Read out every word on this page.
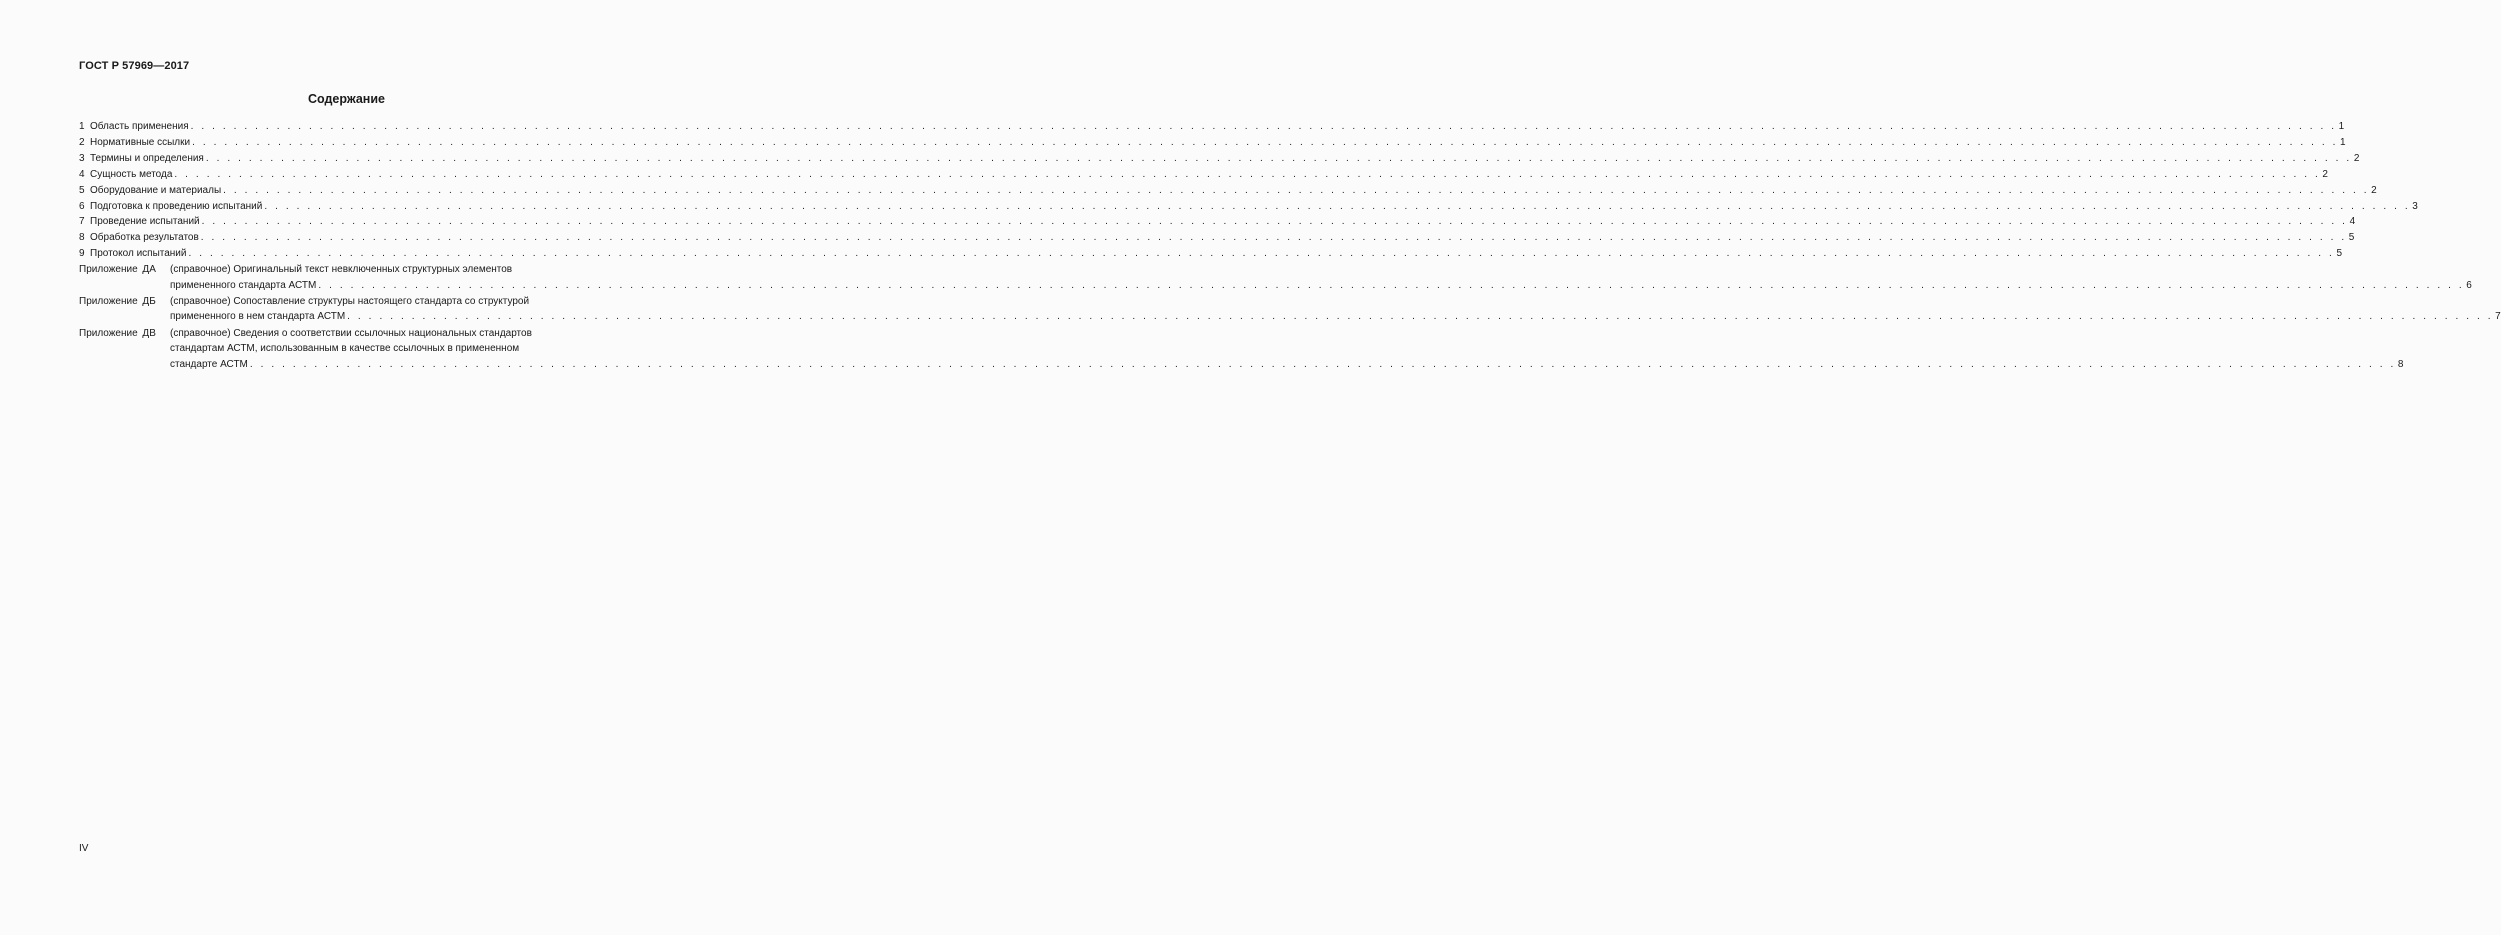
ГОСТ Р 57969—2017
Содержание
1 Область применения . . . . . . . . . . . . . . . . . . . . . . . . . . . . . . . . . . . . . . . . . . . . . . . . . . . . . . . . . . . . . . . . . . . . . . . . . . . . . . . . . . . . . . . . . . . . . . . . . . . . . . . . . . . . . . . . . . . . . . . . . . . . . . . . . . . . . . . . . . . . . . . . . . . . . . . . . . . . . . . . . . . . . . . . . . . . . . . . . . . . . . . . . . . . . . . . . . . . . . . . 1
2 Нормативные ссылки . . . . . . . . . . . . . . . . . . . . . . . . . . . . . . . . . . . . . . . . . . . . . . . . . . . . . . . . . . . . . . . . . . . . . . . . . . . . . . . . . . . . . . . . . . . . . . . . . . . . . . . . . . . . . . . . . . . . . . . . . . . . . . . . . . . . . . . . . . . . . . . . . . . . . . . . . . . . . . . . . . . . . . . . . . . . . . . . . . . . . . . . . . . . . . . . . . . . . . . . 1
3 Термины и определения . . . . . . . . . . . . . . . . . . . . . . . . . . . . . . . . . . . . . . . . . . . . . . . . . . . . . . . . . . . . . . . . . . . . . . . . . . . . . . . . . . . . . . . . . . . . . . . . . . . . . . . . . . . . . . . . . . . . . . . . . . . . . . . . . . . . . . . . . . . . . . . . . . . . . . . . . . . . . . . . . . . . . . . . . . . . . . . . . . . . . . . . . . . . . . . . . . . . . . . . 2
4 Сущность метода . . . . . . . . . . . . . . . . . . . . . . . . . . . . . . . . . . . . . . . . . . . . . . . . . . . . . . . . . . . . . . . . . . . . . . . . . . . . . . . . . . . . . . . . . . . . . . . . . . . . . . . . . . . . . . . . . . . . . . . . . . . . . . . . . . . . . . . . . . . . . . . . . . . . . . . . . . . . . . . . . . . . . . . . . . . . . . . . . . . . . . . . . . . . . . . . . . . . . . . . 2
5 Оборудование и материалы . . . . . . . . . . . . . . . . . . . . . . . . . . . . . . . . . . . . . . . . . . . . . . . . . . . . . . . . . . . . . . . . . . . . . . . . . . . . . . . . . . . . . . . . . . . . . . . . . . . . . . . . . . . . . . . . . . . . . . . . . . . . . . . . . . . . . . . . . . . . . . . . . . . . . . . . . . . . . . . . . . . . . . . . . . . . . . . . . . . . . . . . . . . . . . . . . . . . . . . . 2
6 Подготовка к проведению испытаний . . . . . . . . . . . . . . . . . . . . . . . . . . . . . . . . . . . . . . . . . . . . . . . . . . . . . . . . . . . . . . . . . . . . . . . . . . . . . . . . . . . . . . . . . . . . . . . . . . . . . . . . . . . . . . . . . . . . . . . . . . . . . . . . . . . . . . . . . . . . . . . . . . . . . . . . . . . . . . . . . . . . . . . . . . . . . . . . . . . . . . . . . . . . . . . . . . . . . . . . 3
7 Проведение испытаний . . . . . . . . . . . . . . . . . . . . . . . . . . . . . . . . . . . . . . . . . . . . . . . . . . . . . . . . . . . . . . . . . . . . . . . . . . . . . . . . . . . . . . . . . . . . . . . . . . . . . . . . . . . . . . . . . . . . . . . . . . . . . . . . . . . . . . . . . . . . . . . . . . . . . . . . . . . . . . . . . . . . . . . . . . . . . . . . . . . . . . . . . . . . . . . . . . . . . . . . 4
8 Обработка результатов . . . . . . . . . . . . . . . . . . . . . . . . . . . . . . . . . . . . . . . . . . . . . . . . . . . . . . . . . . . . . . . . . . . . . . . . . . . . . . . . . . . . . . . . . . . . . . . . . . . . . . . . . . . . . . . . . . . . . . . . . . . . . . . . . . . . . . . . . . . . . . . . . . . . . . . . . . . . . . . . . . . . . . . . . . . . . . . . . . . . . . . . . . . . . . . . . . . . . . . . 5
9 Протокол испытаний . . . . . . . . . . . . . . . . . . . . . . . . . . . . . . . . . . . . . . . . . . . . . . . . . . . . . . . . . . . . . . . . . . . . . . . . . . . . . . . . . . . . . . . . . . . . . . . . . . . . . . . . . . . . . . . . . . . . . . . . . . . . . . . . . . . . . . . . . . . . . . . . . . . . . . . . . . . . . . . . . . . . . . . . . . . . . . . . . . . . . . . . . . . . . . . . . . . . . . . . 5
Приложение ДА	(справочное) Оригинальный текст невключенных структурных элементов
примененного стандарта АСТМ . . . . . . . . . . . . . . . . . . . . . . . . . . . . . . . . . . . . . . . . . . . . . . . . . . . . . . . . . . . . . . . . . . . . . . . . . . . . . . . . . . . . . . . . . . . . . . . . . . . . . . . . . . . . . . . . . . . . . . . . . . . . . . . . . . . . . . . . . . . . . . . . . . . . . . . . . . . . . . . . . . . . . . . . . . . . . . . . . . . . . . . . . . . . . . . . . . . . . . . . 6
Приложение ДБ	(справочное) Сопоставление структуры настоящего стандарта со структурой
примененного в нем стандарта АСТМ . . . . . . . . . . . . . . . . . . . . . . . . . . . . . . . . . . . . . . . . . . . . . . . . . . . . . . . . . . . . . . . . . . . . . . . . . . . . . . . . . . . . . . . . . . . . . . . . . . . . . . . . . . . . . . . . . . . . . . . . . . . . . . . . . . . . . . . . . . . . . . . . . . . . . . . . . . . . . . . . . . . . . . . . . . . . . . . . . . . . . . . . . . . . . . . . . . . . . . . . 7
Приложение ДВ	(справочное) Сведения о соответствии ссылочных национальных стандартов
стандартам АСТМ, использованным в качестве ссылочных в примененном
стандарте АСТМ . . . . . . . . . . . . . . . . . . . . . . . . . . . . . . . . . . . . . . . . . . . . . . . . . . . . . . . . . . . . . . . . . . . . . . . . . . . . . . . . . . . . . . . . . . . . . . . . . . . . . . . . . . . . . . . . . . . . . . . . . . . . . . . . . . . . . . . . . . . . . . . . . . . . . . . . . . . . . . . . . . . . . . . . . . . . . . . . . . . . . . . . . . . . . . . . . . . . . . . . 8
IV
